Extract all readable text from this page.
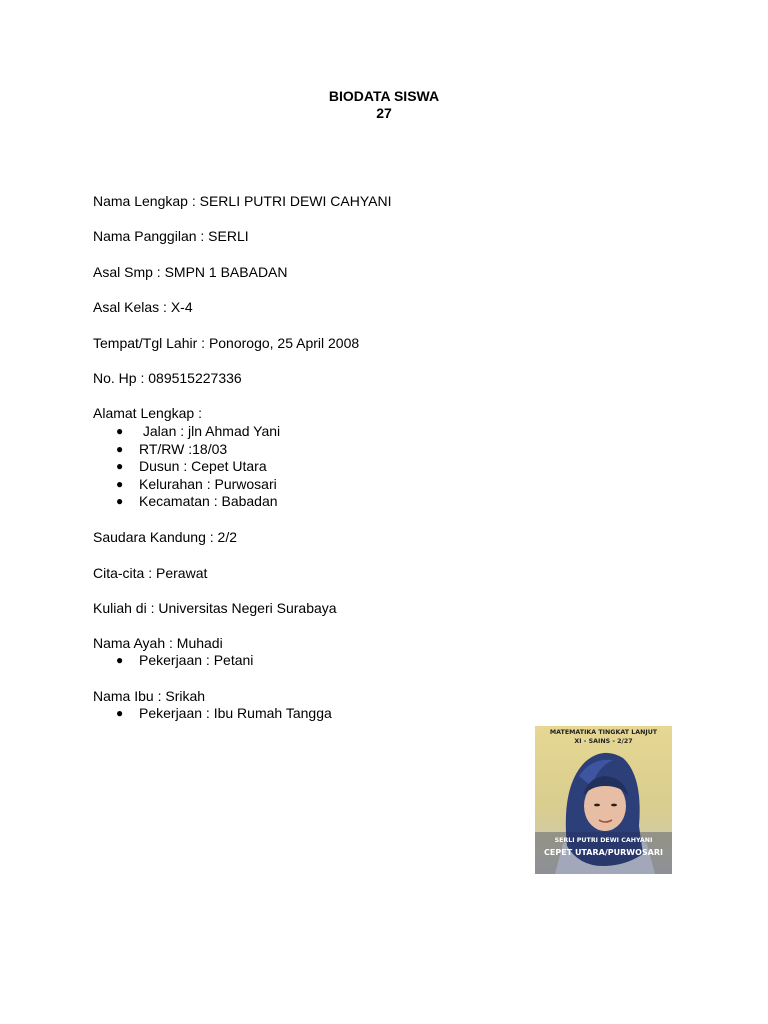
BIODATA SISWA
27
Nama Lengkap : SERLI PUTRI DEWI CAHYANI
Nama Panggilan : SERLI
Asal Smp : SMPN 1 BABADAN
Asal Kelas : X-4
Tempat/Tgl Lahir : Ponorogo, 25 April 2008
No. Hp : 089515227336
Alamat Lengkap :
● Jalan : jln Ahmad Yani
● RT/RW :18/03
● Dusun : Cepet Utara
● Kelurahan : Purwosari
● Kecamatan : Babadan
Saudara Kandung : 2/2
Cita-cita : Perawat
Kuliah di : Universitas Negeri Surabaya
Nama Ayah : Muhadi
● Pekerjaan : Petani
Nama Ibu : Srikah
● Pekerjaan : Ibu Rumah Tangga
MATEMATIKA TINGKAT LANJUT
XI - SAINS - 2/27
SERLI PUTRI DEWI CAHYANI
CEPET UTARA/PURWOSARI
